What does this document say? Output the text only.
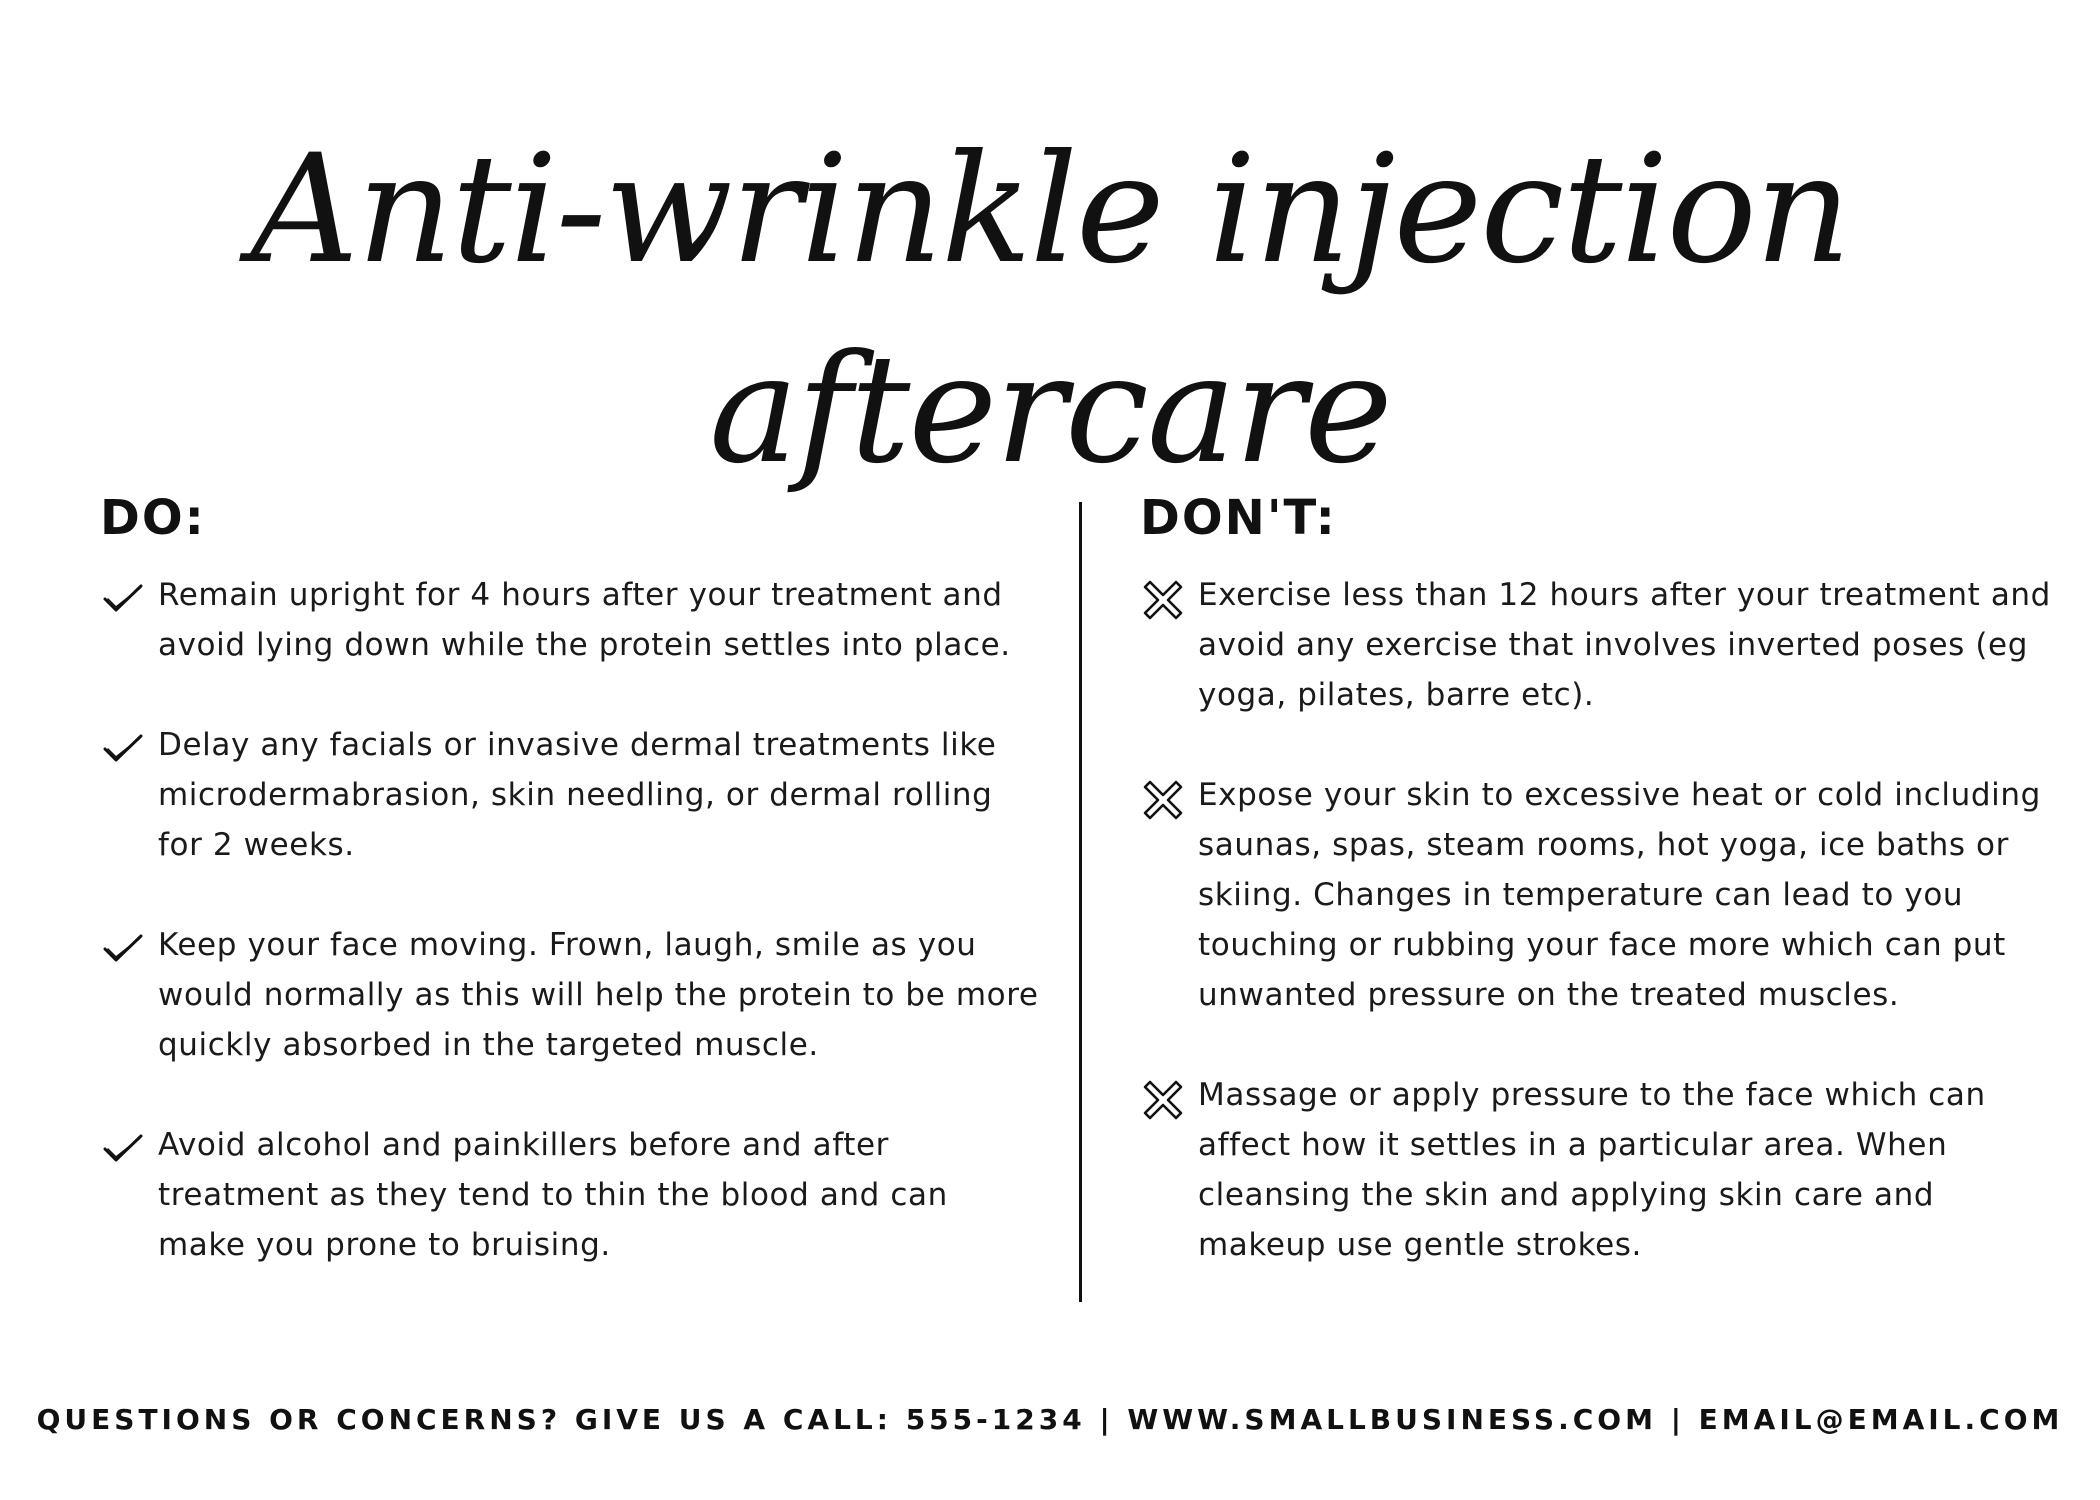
Anti-wrinkle injection aftercare
DO:
Remain upright for 4 hours after your treatment and avoid lying down while the protein settles into place.
Delay any facials or invasive dermal treatments like microdermabrasion, skin needling, or dermal rolling for 2 weeks.
Keep your face moving. Frown, laugh, smile as you would normally as this will help the protein to be more quickly absorbed in the targeted muscle.
Avoid alcohol and painkillers before and after treatment as they tend to thin the blood and can make you prone to bruising.
DON'T:
Exercise less than 12 hours after your treatment and avoid any exercise that involves inverted poses (eg yoga, pilates, barre etc).
Expose your skin to excessive heat or cold including saunas, spas, steam rooms, hot yoga, ice baths or skiing. Changes in temperature can lead to you touching or rubbing your face more which can put unwanted pressure on the treated muscles.
Massage or apply pressure to the face which can affect how it settles in a particular area. When cleansing the skin and applying skin care and makeup use gentle strokes.
QUESTIONS OR CONCERNS? GIVE US A CALL: 555-1234 | WWW.SMALLBUSINESS.COM | EMAIL@EMAIL.COM
